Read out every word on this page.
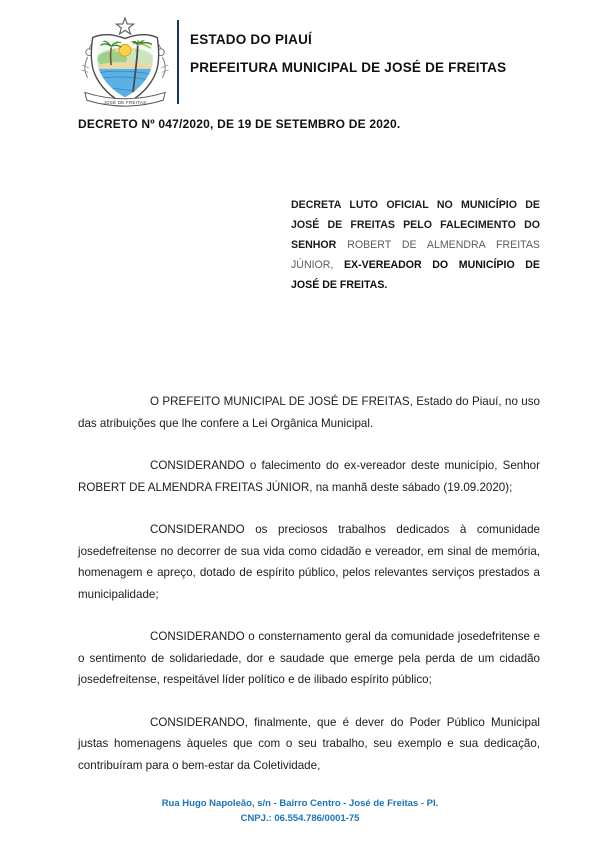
JOSÉ DE FREITAS
ESTADO DO PIAUÍ
PREFEITURA MUNICIPAL DE JOSÉ DE FREITAS
DECRETO Nº 047/2020, DE 19 DE SETEMBRO DE 2020.
DECRETA LUTO OFICIAL NO MUNICÍPIO DE JOSÉ DE FREITAS PELO FALECIMENTO DO SENHOR ROBERT DE ALMENDRA FREITAS JÚNIOR, EX-VEREADOR DO MUNICÍPIO DE JOSÉ DE FREITAS.

O PREFEITO MUNICIPAL DE JOSÉ DE FREITAS, Estado do Piauí, no uso das atribuições que lhe confere a Lei Orgânica Municipal.

CONSIDERANDO o falecimento do ex-vereador deste município, Senhor ROBERT DE ALMENDRA FREITAS JÚNIOR, na manhã deste sábado (19.09.2020);

CONSIDERANDO os preciosos trabalhos dedicados à comunidade josedefreitense no decorrer de sua vida como cidadão e vereador, em sinal de memória, homenagem e apreço, dotado de espírito público, pelos relevantes serviços prestados a municipalidade;

CONSIDERANDO o consternamento geral da comunidade josedefritense e o sentimento de solidariedade, dor e saudade que emerge pela perda de um cidadão josedefreitense, respeitável líder político e de ilibado espírito público;

CONSIDERANDO, finalmente, que é dever do Poder Público Municipal justas homenagens àqueles que com o seu trabalho, seu exemplo e sua dedicação, contribuíram para o bem-estar da Coletividade,

Rua Hugo Napoleão, s/n - Bairro Centro - José de Freitas - PI.
CNPJ.: 06.554.786/0001-75
